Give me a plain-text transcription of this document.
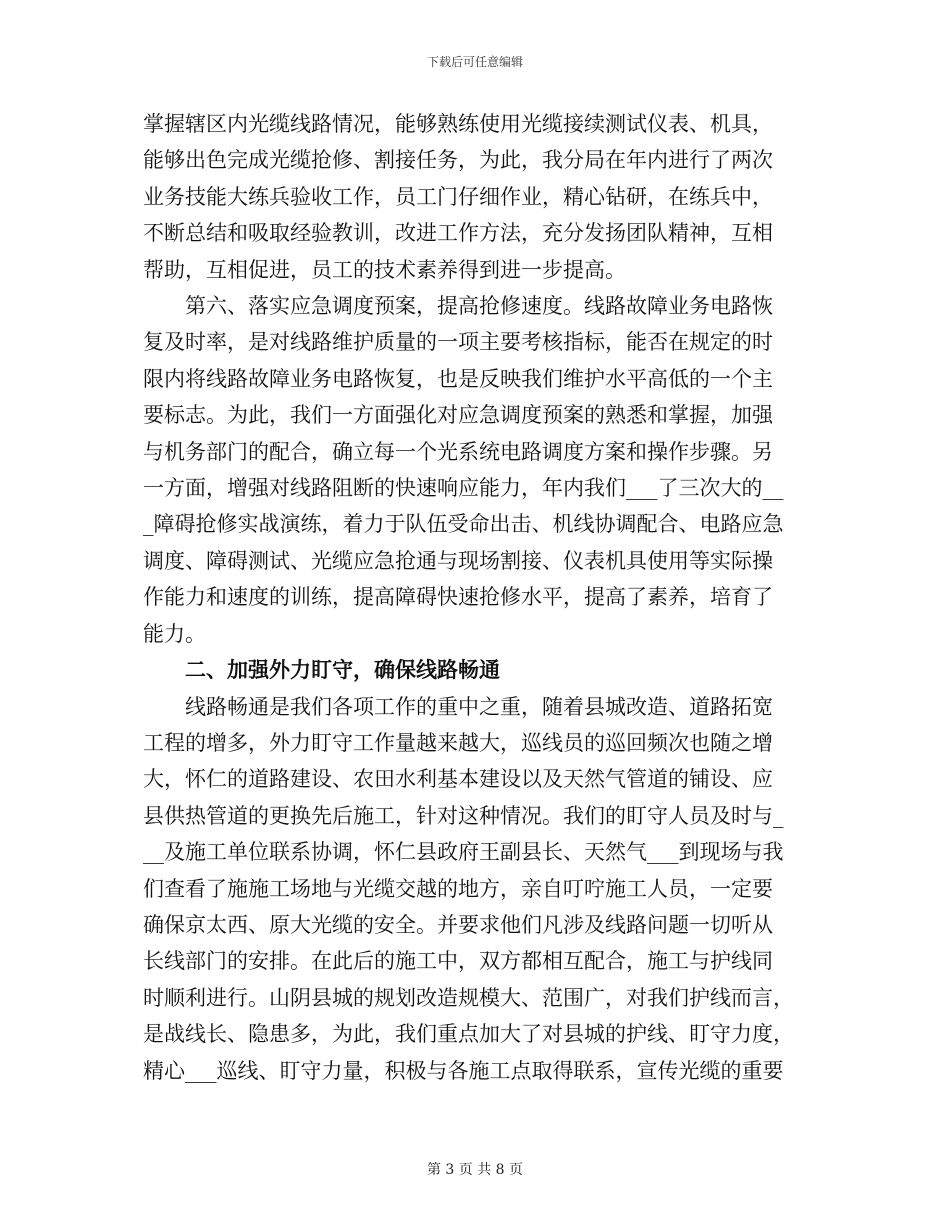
下载后可任意编辑
掌握辖区内光缆线路情况，能够熟练使用光缆接续测试仪表、机具，
能够出色完成光缆抢修、割接任务，为此，我分局在年内进行了两次
业务技能大练兵验收工作，员工门仔细作业，精心钻研，在练兵中，
不断总结和吸取经验教训，改进工作方法，充分发扬团队精神，互相
帮助，互相促进，员工的技术素养得到进一步提高。
第六、落实应急调度预案，提高抢修速度。线路故障业务电路恢
复及时率，是对线路维护质量的一项主要考核指标，能否在规定的时
限内将线路故障业务电路恢复，也是反映我们维护水平高低的一个主
要标志。为此，我们一方面强化对应急调度预案的熟悉和掌握，加强
与机务部门的配合，确立每一个光系统电路调度方案和操作步骤。另
一方面，增强对线路阻断的快速响应能力，年内我们___了三次大的__
_障碍抢修实战演练，着力于队伍受命出击、机线协调配合、电路应急
调度、障碍测试、光缆应急抢通与现场割接、仪表机具使用等实际操
作能力和速度的训练，提高障碍快速抢修水平，提高了素养，培育了
能力。
二、加强外力盯守，确保线路畅通
线路畅通是我们各项工作的重中之重，随着县城改造、道路拓宽
工程的增多，外力盯守工作量越来越大，巡线员的巡回频次也随之增
大，怀仁的道路建设、农田水利基本建设以及天然气管道的铺设、应
县供热管道的更换先后施工，针对这种情况。我们的盯守人员及时与_
__及施工单位联系协调，怀仁县政府王副县长、天然气___到现场与我
们查看了施施工场地与光缆交越的地方，亲自叮咛施工人员，一定要
确保京太西、原大光缆的安全。并要求他们凡涉及线路问题一切听从
长线部门的安排。在此后的施工中，双方都相互配合，施工与护线同
时顺利进行。山阴县城的规划改造规模大、范围广，对我们护线而言，
是战线长、隐患多，为此，我们重点加大了对县城的护线、盯守力度，
精心___巡线、盯守力量，积极与各施工点取得联系，宣传光缆的重要
第 3 页 共 8 页
